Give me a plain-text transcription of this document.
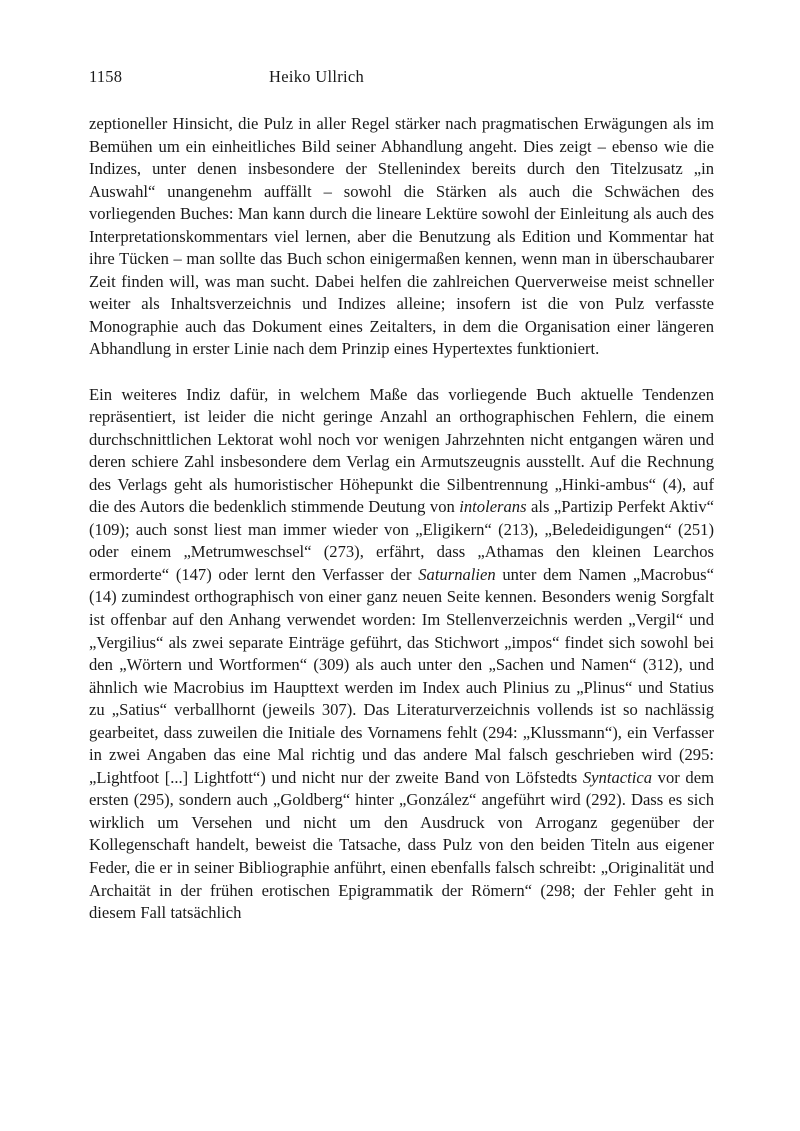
1158	Heiko Ullrich

zeptioneller Hinsicht, die Pulz in aller Regel stärker nach pragmatischen Erwägungen als im Bemühen um ein einheitliches Bild seiner Abhandlung angeht. Dies zeigt – ebenso wie die Indizes, unter denen insbesondere der Stellenindex bereits durch den Titelzusatz „in Auswahl“ unangenehm auffällt – sowohl die Stärken als auch die Schwächen des vorliegenden Buches: Man kann durch die lineare Lektüre sowohl der Einleitung als auch des Interpretationskommentars viel lernen, aber die Benutzung als Edition und Kommentar hat ihre Tücken – man sollte das Buch schon einigermaßen kennen, wenn man in überschaubarer Zeit finden will, was man sucht. Dabei helfen die zahlreichen Querverweise meist schneller weiter als Inhaltsverzeichnis und Indizes alleine; insofern ist die von Pulz verfasste Monographie auch das Dokument eines Zeitalters, in dem die Organisation einer längeren Abhandlung in erster Linie nach dem Prinzip eines Hypertextes funktioniert.

Ein weiteres Indiz dafür, in welchem Maße das vorliegende Buch aktuelle Tendenzen repräsentiert, ist leider die nicht geringe Anzahl an orthographischen Fehlern, die einem durchschnittlichen Lektorat wohl noch vor wenigen Jahrzehnten nicht entgangen wären und deren schiere Zahl insbesondere dem Verlag ein Armutszeugnis ausstellt. Auf die Rechnung des Verlags geht als humoristischer Höhepunkt die Silbentrennung „Hinki-ambus“ (4), auf die des Autors die bedenklich stimmende Deutung von intolerans als „Partizip Perfekt Aktiv“ (109); auch sonst liest man immer wieder von „Eligikern“ (213), „Beledeidigungen“ (251) oder einem „Metrumweschsel“ (273), erfährt, dass „Athamas den kleinen Learchos ermorderte“ (147) oder lernt den Verfasser der Saturnalien unter dem Namen „Macrobus“ (14) zumindest orthographisch von einer ganz neuen Seite kennen. Besonders wenig Sorgfalt ist offenbar auf den Anhang verwendet worden: Im Stellenverzeichnis werden „Vergil“ und „Vergilius“ als zwei separate Einträge geführt, das Stichwort „impos“ findet sich sowohl bei den „Wörtern und Wortformen“ (309) als auch unter den „Sachen und Namen“ (312), und ähnlich wie Macrobius im Haupttext werden im Index auch Plinius zu „Plinus“ und Statius zu „Satius“ verballhornt (jeweils 307). Das Literaturverzeichnis vollends ist so nachlässig gearbeitet, dass zuweilen die Initiale des Vornamens fehlt (294: „Klussmann“), ein Verfasser in zwei Angaben das eine Mal richtig und das andere Mal falsch geschrieben wird (295: „Lightfoot [...] Lightfott“) und nicht nur der zweite Band von Löfstedts Syntactica vor dem ersten (295), sondern auch „Goldberg“ hinter „González“ angeführt wird (292). Dass es sich wirklich um Versehen und nicht um den Ausdruck von Arroganz gegenüber der Kollegenschaft handelt, beweist die Tatsache, dass Pulz von den beiden Titeln aus eigener Feder, die er in seiner Bibliographie anführt, einen ebenfalls falsch schreibt: „Originalität und Archaität in der frühen erotischen Epigrammatik der Römern“ (298; der Fehler geht in diesem Fall tatsächlich
